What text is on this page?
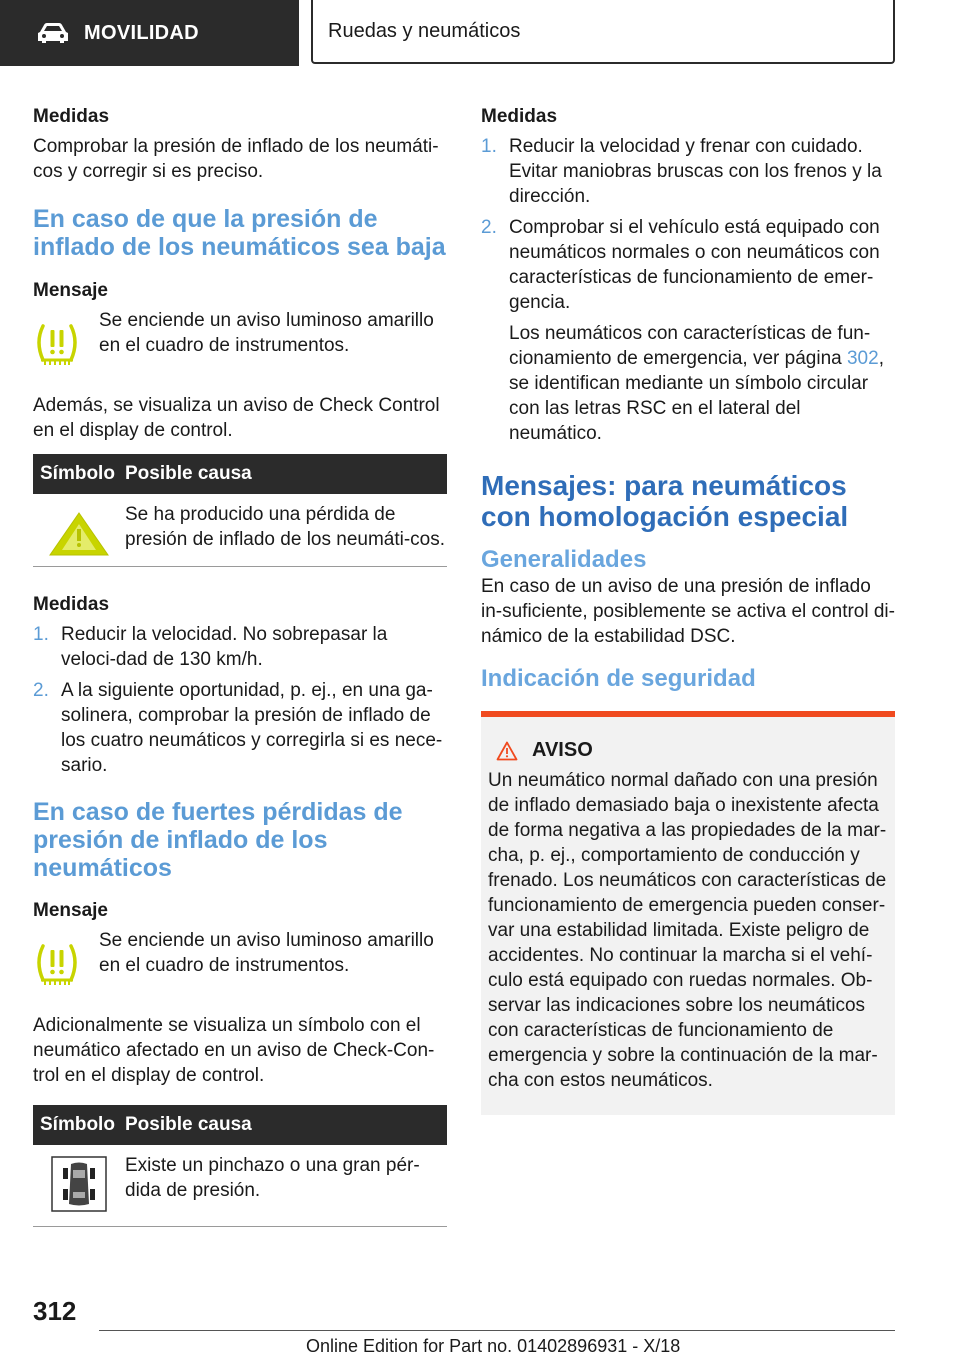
MOVILIDAD	Ruedas y neumáticos

Medidas

Comprobar la presión de inflado de los neumáti-cos y corregir si es preciso.

En caso de que la presión de inflado de los neumáticos sea baja

Mensaje

Se enciende un aviso luminoso amarillo en el cuadro de instrumentos.

Además, se visualiza un aviso de Check Control en el display de control.

Símbolo Posible causa

Se ha producido una pérdida de presión de inflado de los neumáti-cos.

Medidas

1. Reducir la velocidad. No sobrepasar la veloci-dad de 130 km/h.
2. A la siguiente oportunidad, p. ej., en una ga-solinera, comprobar la presión de inflado de los cuatro neumáticos y corregirla si es nece-sario.

En caso de fuertes pérdidas de presión de inflado de los neumáticos

Mensaje

Se enciende un aviso luminoso amarillo en el cuadro de instrumentos.

Adicionalmente se visualiza un símbolo con el neumático afectado en un aviso de Check-Con-trol en el display de control.

Símbolo Posible causa

Existe un pinchazo o una gran pér-dida de presión.

Medidas

1. Reducir la velocidad y frenar con cuidado. Evitar maniobras bruscas con los frenos y la dirección.
2. Comprobar si el vehículo está equipado con neumáticos normales o con neumáticos con características de funcionamiento de emer-gencia.

Los neumáticos con características de fun-cionamiento de emergencia, ver página 302, se identifican mediante un símbolo circular con las letras RSC en el lateral del neumático.

Mensajes: para neumáticos con homologación especial

Generalidades

En caso de un aviso de una presión de inflado in-suficiente, posiblemente se activa el control di-námico de la estabilidad DSC.

Indicación de seguridad

AVISO

Un neumático normal dañado con una presión de inflado demasiado baja o inexistente afecta de forma negativa a las propiedades de la mar-cha, p. ej., comportamiento de conducción y frenado. Los neumáticos con características de funcionamiento de emergencia pueden conser-var una estabilidad limitada. Existe peligro de accidentes. No continuar la marcha si el vehí-culo está equipado con ruedas normales. Ob-servar las indicaciones sobre los neumáticos con características de funcionamiento de emergencia y sobre la continuación de la mar-cha con estos neumáticos.

312
Online Edition for Part no. 01402896931 - X/18
